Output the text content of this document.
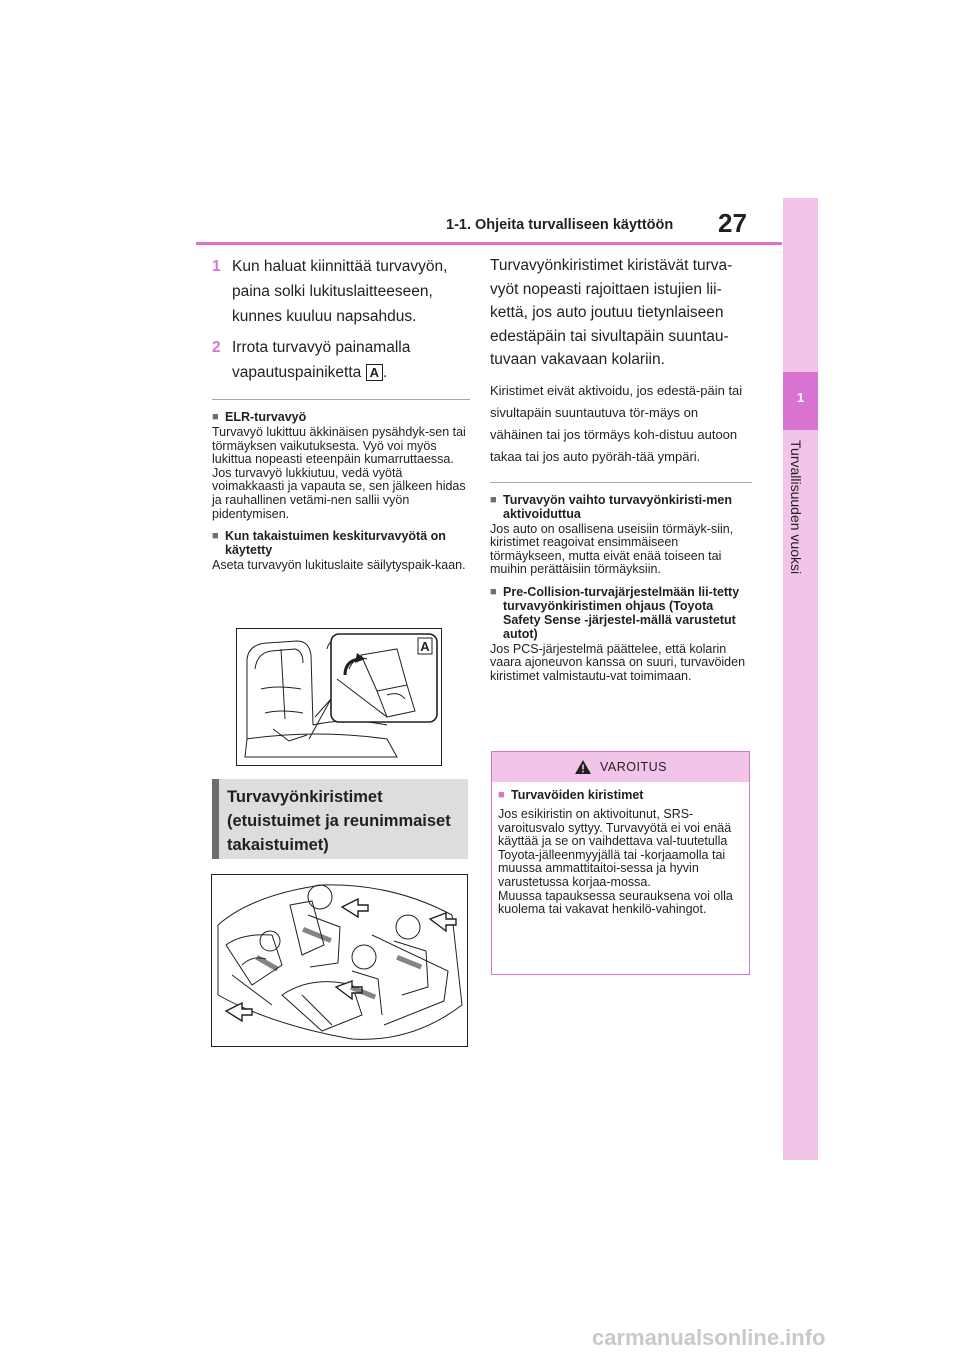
1-1. Ohjeita turvalliseen käyttöön 27
1
Turvallisuuden vuoksi
1 Kun haluat kiinnittää turvavyön, paina solki lukituslaitteeseen, kunnes kuuluu napsahdus.
2 Irrota turvavyö painamalla vapautuspainiketta A .
■ ELR-turvavyö
Turvavyö lukittuu äkkinäisen pysähdyk-sen tai törmäyksen vaikutuksesta. Vyö voi myös lukittua nopeasti eteenpäin kumarruttaessa. Jos turvavyö lukkiutuu, vedä vyötä voimakkaasti ja vapauta se, sen jälkeen hidas ja rauhallinen vetämi-nen sallii vyön pidentymisen.
■ Kun takaistuimen keskiturvavyötä on käytetty
Aseta turvavyön lukituslaite säilytyspaik-kaan.
A
Turvavyönkiristimet
(etuistuimet ja reunimmaiset
takaistuimet)
Turvavyönkiristimet kiristävät turva-vyöt nopeasti rajoittaen istujien lii-kettä, jos auto joutuu tietynlaiseen edestäpäin tai sivultapäin suuntau-tuvaan vakavaan kolariin.
Kiristimet eivät aktivoidu, jos edestä-päin tai sivultapäin suuntautuva tör-mäys on vähäinen tai jos törmäys koh-distuu autoon takaa tai jos auto pyöräh-tää ympäri.
■ Turvavyön vaihto turvavyönkiristi-men aktivoiduttua
Jos auto on osallisena useisiin törmäyk-siin, kiristimet reagoivat ensimmäiseen törmäykseen, mutta eivät enää toiseen tai muihin perättäisiin törmäyksiin.
■ Pre-Collision-turvajärjestelmään lii-tetty turvavyönkiristimen ohjaus (Toyota Safety Sense -järjestel-mällä varustetut autot)
Jos PCS-järjestelmä päättelee, että kolarin vaara ajoneuvon kanssa on suuri, turvavöiden kiristimet valmistautu-vat toimimaan.
VAROITUS
■ Turvavöiden kiristimet
Jos esikiristin on aktivoitunut, SRS-varoitusvalo syttyy. Turvavyötä ei voi enää käyttää ja se on vaihdettava val-tuutetulla Toyota-jälleenmyyjällä tai -korjaamolla tai muussa ammattitaitoi-sessa ja hyvin varustetussa korjaa-mossa.
Muussa tapauksessa seurauksena voi olla kuolema tai vakavat henkilö-vahingot.
carmanualsonline.info
